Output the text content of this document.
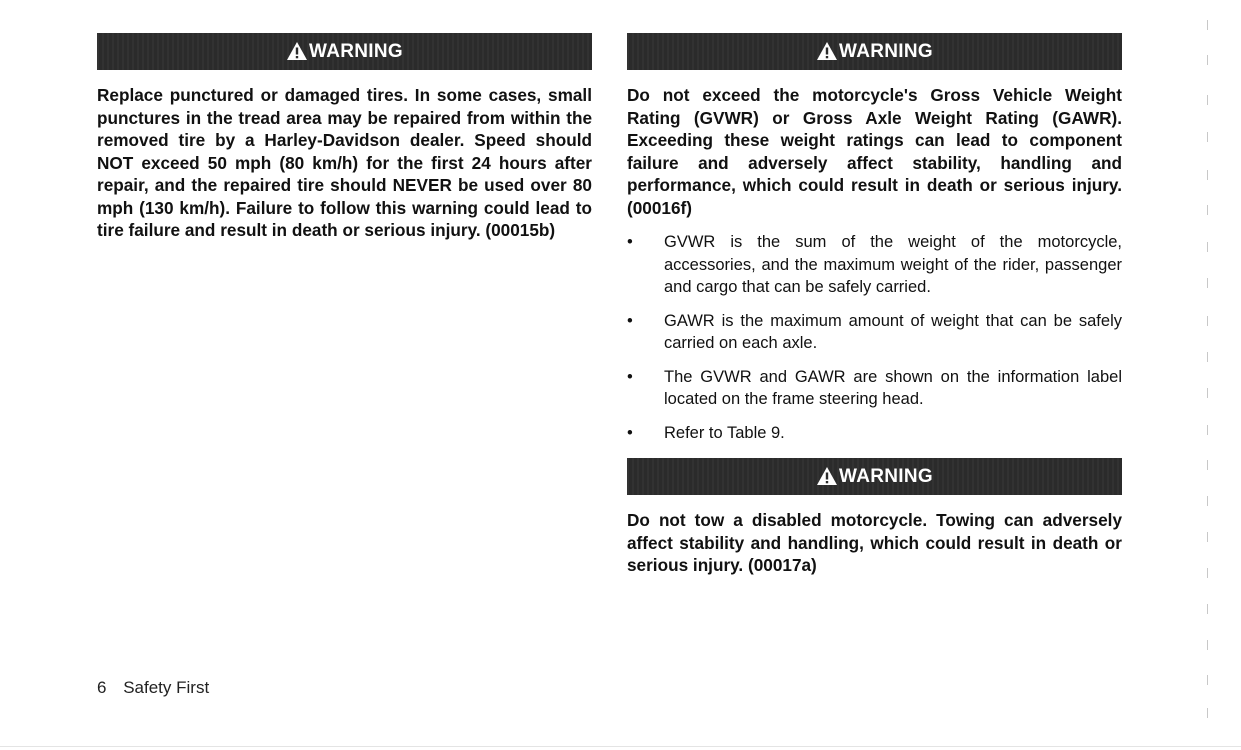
WARNING

Replace punctured or damaged tires. In some cases, small punctures in the tread area may be repaired from within the removed tire by a Harley-Davidson dealer. Speed should NOT exceed 50 mph (80 km/h) for the first 24 hours after repair, and the repaired tire should NEVER be used over 80 mph (130 km/h). Failure to follow this warning could lead to tire failure and result in death or serious injury. (00015b)

WARNING

Do not exceed the motorcycle's Gross Vehicle Weight Rating (GVWR) or Gross Axle Weight Rating (GAWR). Exceeding these weight ratings can lead to component failure and adversely affect stability, handling and performance, which could result in death or serious injury. (00016f)

• GVWR is the sum of the weight of the motorcycle, accessories, and the maximum weight of the rider, passenger and cargo that can be safely carried.
• GAWR is the maximum amount of weight that can be safely carried on each axle.
• The GVWR and GAWR are shown on the information label located on the frame steering head.
• Refer to Table 9.
WARNING

Do not tow a disabled motorcycle. Towing can adversely affect stability and handling, which could result in death or serious injury. (00017a)

6 Safety First
